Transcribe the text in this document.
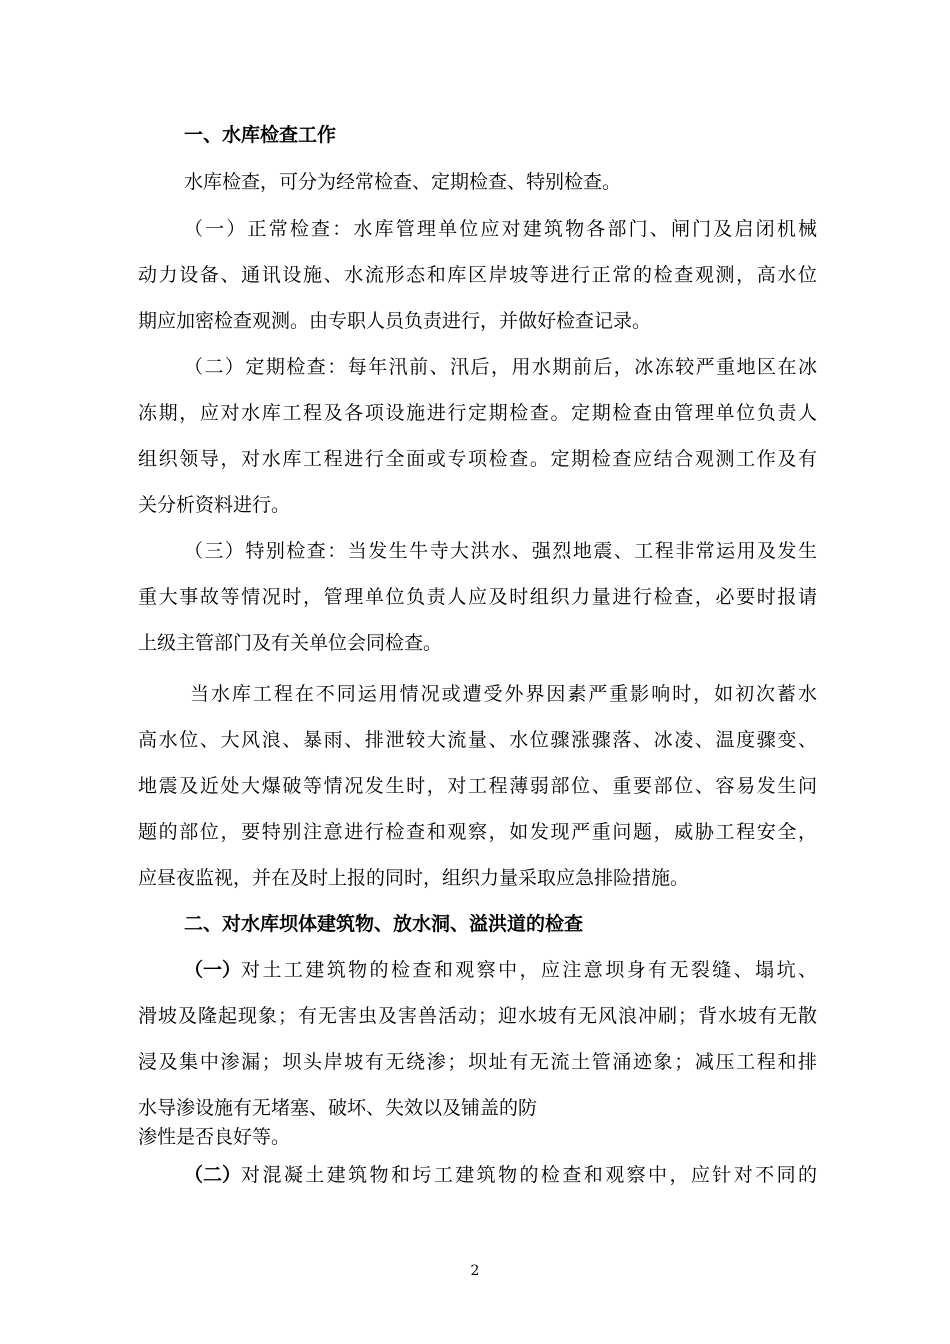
一、水库检查工作

水库检查，可分为经常检查、定期检查、特别检查。

（一）正常检查：水库管理单位应对建筑物各部门、闸门及启闭机械

动力设备、通讯设施、水流形态和库区岸坡等进行正常的检查观测，高水位

期应加密检查观测。由专职人员负责进行，并做好检查记录。

（二）定期检查：每年汛前、汛后，用水期前后，冰冻较严重地区在冰

冻期，应对水库工程及各项设施进行定期检查。定期检查由管理单位负责人

组织领导，对水库工程进行全面或专项检查。定期检查应结合观测工作及有

关分析资料进行。

（三）特别检查：当发生牛寺大洪水、强烈地震、工程非常运用及发生

重大事故等情况时，管理单位负责人应及时组织力量进行检查，必要时报请

上级主管部门及有关单位会同检查。

当水库工程在不同运用情况或遭受外界因素严重影响时，如初次蓄水

高水位、大风浪、暴雨、排泄较大流量、水位骤涨骤落、冰凌、温度骤变、

地震及近处大爆破等情况发生时，对工程薄弱部位、重要部位、容易发生问

题的部位，要特别注意进行检查和观察，如发现严重问题，威胁工程安全，

应昼夜监视，并在及时上报的同时，组织力量采取应急排险措施。

二、对水库坝体建筑物、放水洞、溢洪道的检查

（一） 对土工建筑物的检查和观察中，应注意坝身有无裂缝、塌坑、

滑坡及隆起现象；有无害虫及害兽活动；迎水坡有无风浪冲刷；背水坡有无散

浸及集中渗漏；坝头岸坡有无绕渗；坝址有无流土管涌迹象；减压工程和排

水导渗设施有无堵塞、破坏、失效以及铺盖的防

渗性是否良好等。

（二） 对混凝土建筑物和圬工建筑物的检查和观察中，应针对不同的

2
